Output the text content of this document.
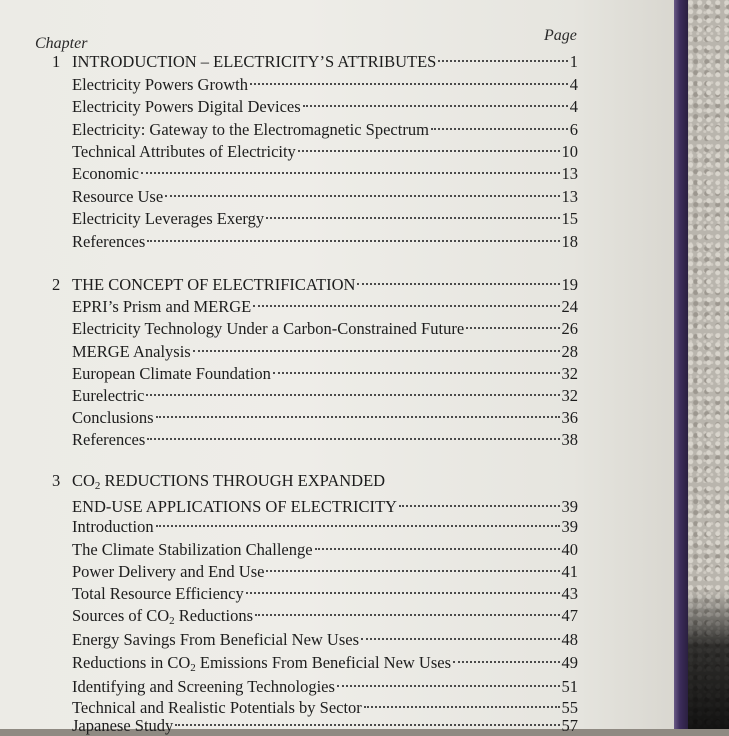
Chapter	Page
1 INTRODUCTION – ELECTRICITY’S ATTRIBUTES	1
Electricity Powers Growth	4
Electricity Powers Digital Devices	4
Electricity: Gateway to the Electromagnetic Spectrum	6
Technical Attributes of Electricity	10
Economic	13
Resource Use	13
Electricity Leverages Exergy	15
References	18
2 THE CONCEPT OF ELECTRIFICATION	19
EPRI’s Prism and MERGE	24
Electricity Technology Under a Carbon-Constrained Future	26
MERGE Analysis	28
European Climate Foundation	32
Eurelectric	32
Conclusions	36
References	38
3 CO2 REDUCTIONS THROUGH EXPANDED
END-USE APPLICATIONS OF ELECTRICITY	39
Introduction	39
The Climate Stabilization Challenge	40
Power Delivery and End Use	41
Total Resource Efficiency	43
Sources of CO2 Reductions	47
Energy Savings From Beneficial New Uses	48
Reductions in CO2 Emissions From Beneficial New Uses	49
Identifying and Screening Technologies	51
Technical and Realistic Potentials by Sector	55
Japanese Study	57
